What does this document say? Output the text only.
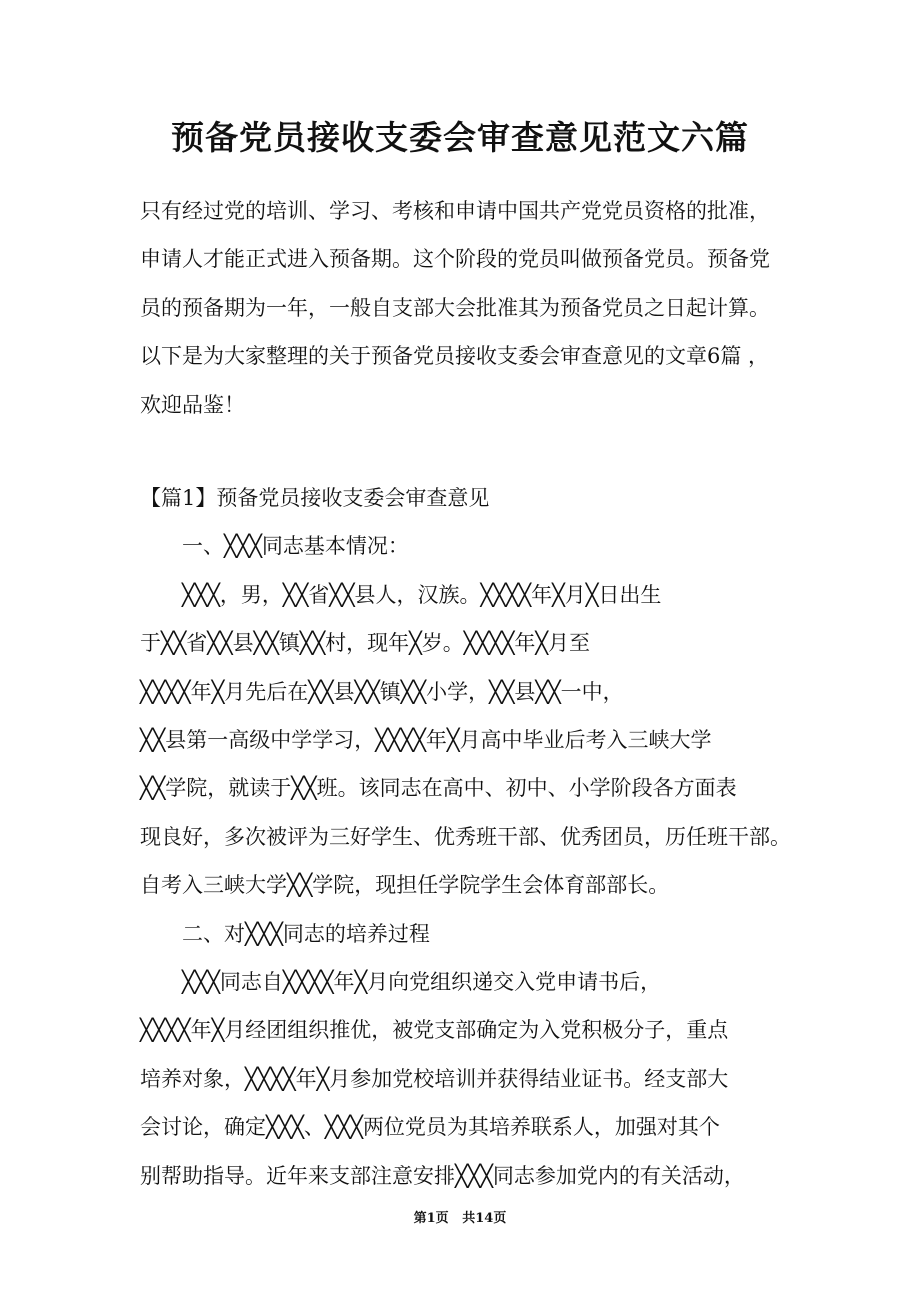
预备党员接收支委会审查意见范文六篇

只有经过党的培训、学习、考核和申请中国共产党党员资格的批准，

申请人才能正式进入预备期。这个阶段的党员叫做预备党员。预备党

员的预备期为一年，一般自支部大会批准其为预备党员之日起计算。

以下是为大家整理的关于预备党员接收支委会审查意见的文章6篇 ，

欢迎品鉴！

【篇1】预备党员接收支委会审查意见

一、╳╳╳同志基本情况：

╳╳╳，男，╳╳省╳╳县人，汉族。╳╳╳╳年╳月╳日出生

于╳╳省╳╳县╳╳镇╳╳村，现年╳岁。╳╳╳╳年╳月至

╳╳╳╳年╳月先后在╳╳县╳╳镇╳╳小学，╳╳县╳╳一中，

╳╳县第一高级中学学习，╳╳╳╳年╳月高中毕业后考入三峡大学

╳╳学院，就读于╳╳班。该同志在高中、初中、小学阶段各方面表

现良好，多次被评为三好学生、优秀班干部、优秀团员，历任班干部。

自考入三峡大学╳╳学院，现担任学院学生会体育部部长。

二、对╳╳╳同志的培养过程

╳╳╳同志自╳╳╳╳年╳月向党组织递交入党申请书后，

╳╳╳╳年╳月经团组织推优，被党支部确定为入党积极分子，重点

培养对象，╳╳╳╳年╳月参加党校培训并获得结业证书。经支部大

会讨论，确定╳╳╳、╳╳╳两位党员为其培养联系人，加强对其个

别帮助指导。近年来支部注意安排╳╳╳同志参加党内的有关活动，

第1页   共14页
